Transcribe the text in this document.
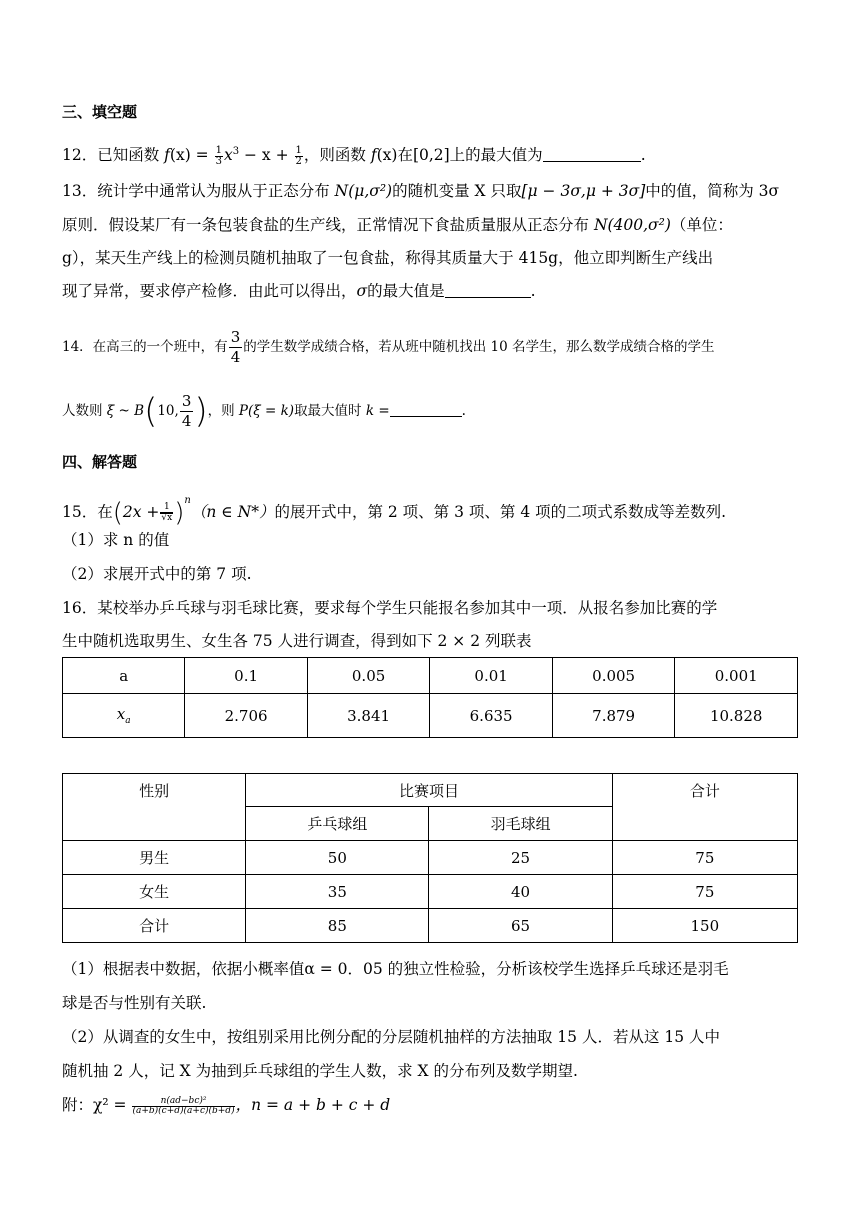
三、填空题
12．已知函数 $f(x) = \frac{1}{3} x^3 - x + \frac{1}{2}$ ，则函数 f(x)在[0,2]上的最大值为	.
13．统计学中通常认为服从于正态分布 N(μ,σ²)的随机变量 X 只取[μ − 3σ,μ + 3σ]中的值，简称为 3σ
原则．假设某厂有一条包装食盐的生产线，正常情况下食盐质量服从正态分布 N(400,σ²)（单位：
g），某天生产线上的检测员随机抽取了一包食盐，称得其质量大于 415g，他立即判断生产线出
现了异常，要求停产检修．由此可以得出，σ的最大值是	.
14．在高三的一个班中，有 $\frac{3}{4}$ 的学生数学成绩合格，若从班中随机找出 10 名学生，那么数学成绩合格的学生
人数则 ξ ~ B(10, $\frac{3}{4}$ )，则 P(ξ = k)取最大值时 k =	.
四、解答题
15．在$(2x + \frac{1}{√x} )^n(n$ ∈ N*）的展开式中，第 2 项、第 3 项、第 4 项的二项式系数成等差数列.
（1）求 n 的值
（2）求展开式中的第 7 项.
16．某校举办乒乓球与羽毛球比赛，要求每个学生只能报名参加其中一项．从报名参加比赛的学
生中随机选取男生、女生各 75 人进行调查，得到如下 2 × 2 列联表
a	0.1	0.05	0.01	0.005	0.001
$x_a$	2.706	3.841	6.635	7.879	10.828
性别	比赛项目		合计
	乒乓球组	羽毛球组	
男生	50	25	75
女生	35	40	75
合计	85	65	150
（1）根据表中数据，依据小概率值α = 0．05 的独立性检验，分析该校学生选择乒乓球还是羽毛
球是否与性别有关联.
（2）从调查的女生中，按组别采用比例分配的分层随机抽样的方法抽取 15 人．若从这 15 人中
随机抽 2 人，记 X 为抽到乒乓球组的学生人数，求 X 的分布列及数学期望.
附：$\chi^2 = \frac{\text{n(ad−bc)²}}{(a+b)(c+d)(a+c)(b+d)}$ ，n = a + b + c + d
